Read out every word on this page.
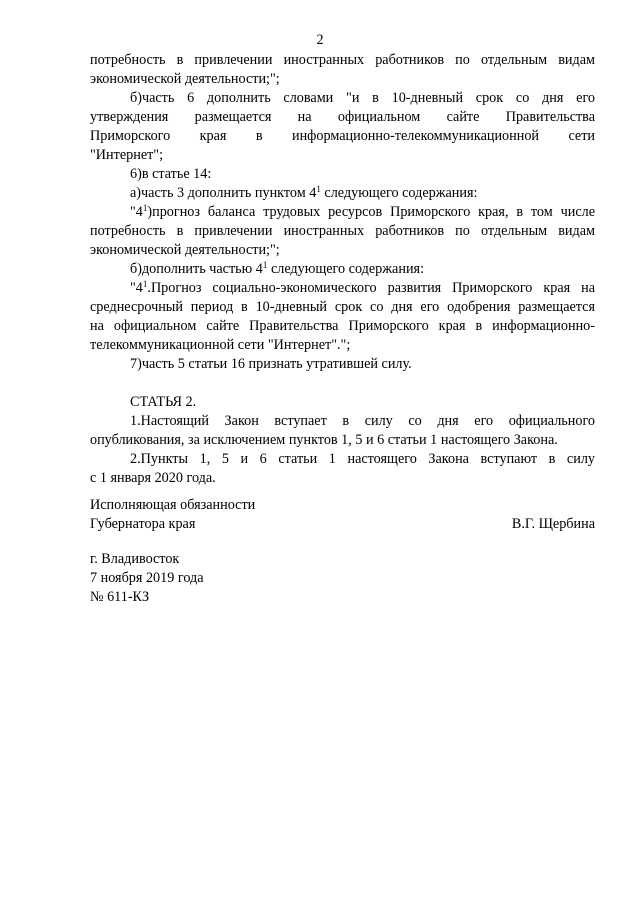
2

потребность в привлечении иностранных работников по отдельным видам

экономической деятельности;";

б)часть 6 дополнить словами "и в 10-дневный срок со дня его

утверждения размещается на официальном сайте Правительства

Приморского края в информационно-телекоммуникационной сети

"Интернет";

6)в статье 14:

а)часть 3 дополнить пунктом $4^1$ следующего содержания:

"$4^1)прогноз$ баланса трудовых ресурсов Приморского края, в том числе

потребность в привлечении иностранных работников по отдельным видам

экономической деятельности;";

б)дополнить частью $4^1$ следующего содержания:

"$4^1.Прогноз$ социально-экономического развития Приморского края на

среднесрочный период в 10-дневный срок со дня его одобрения размещается

на официальном сайте Правительства Приморского края в информационно-

телекоммуникационной сети "Интернет".";

7)часть 5 статьи 16 признать утратившей силу.

СТАТЬЯ 2.

1.Настоящий Закон вступает в силу со дня его официального

опубликования, за исключением пунктов 1, 5 и 6 статьи 1 настоящего Закона.

2.Пункты 1, 5 и 6 статьи 1 настоящего Закона вступают в силу

с 1 января 2020 года.

Исполняющая обязанности
Губернатора края	В.Г. Щербина
г. Владивосток
7 ноября 2019 года
№ 611-КЗ
